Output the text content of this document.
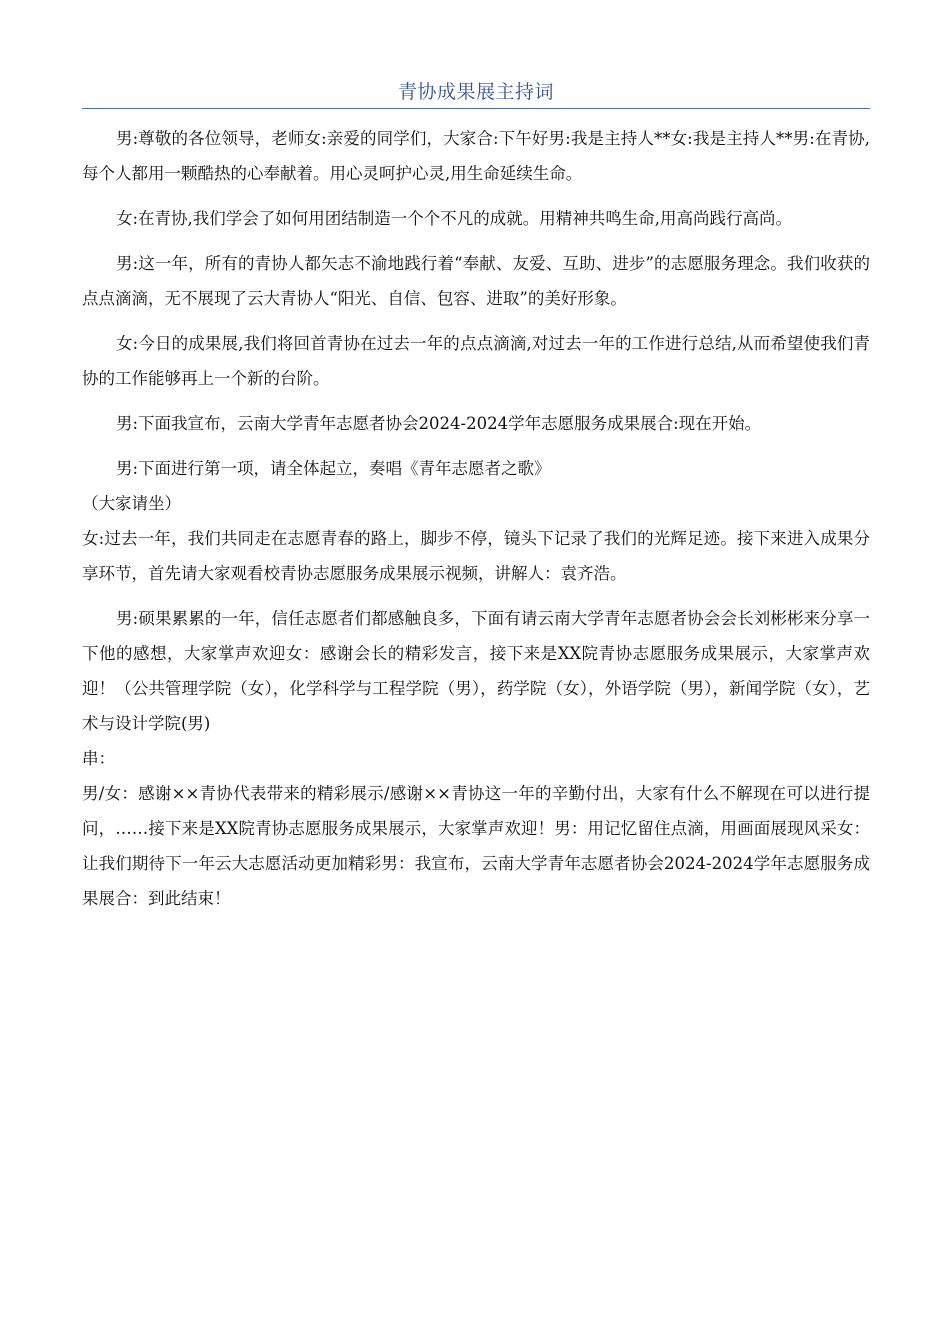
青协成果展主持词

男:尊敬的各位领导，老师女:亲爱的同学们，大家合:下午好男:我是主持人**女:我是主持人**男:在青协,每个人都用一颗酷热的心奉献着。用心灵呵护心灵,用生命延续生命。

女:在青协,我们学会了如何用团结制造一个个不凡的成就。用精神共鸣生命,用高尚践行高尚。

男:这一年，所有的青协人都矢志不渝地践行着“奉献、友爱、互助、进步”的志愿服务理念。我们收获的点点滴滴，无不展现了云大青协人“阳光、自信、包容、进取”的美好形象。

女:今日的成果展,我们将回首青协在过去一年的点点滴滴,对过去一年的工作进行总结,从而希望使我们青协的工作能够再上一个新的台阶。

男:下面我宣布，云南大学青年志愿者协会2024-2024学年志愿服务成果展合:现在开始。

男:下面进行第一项，请全体起立，奏唱《青年志愿者之歌》

（大家请坐）

女:过去一年，我们共同走在志愿青春的路上，脚步不停，镜头下记录了我们的光辉足迹。接下来进入成果分享环节，首先请大家观看校青协志愿服务成果展示视频，讲解人：袁齐浩。

男:硕果累累的一年，信任志愿者们都感触良多，下面有请云南大学青年志愿者协会会长刘彬彬来分享一下他的感想，大家掌声欢迎女：感谢会长的精彩发言，接下来是XX院青协志愿服务成果展示，大家掌声欢迎！（公共管理学院（女），化学科学与工程学院（男），药学院（女），外语学院（男），新闻学院（女），艺术与设计学院(男)

串：

男/女：感谢××青协代表带来的精彩展示/感谢××青协这一年的辛勤付出，大家有什么不解现在可以进行提问，……接下来是XX院青协志愿服务成果展示，大家掌声欢迎！男：用记忆留住点滴，用画面展现风采女：让我们期待下一年云大志愿活动更加精彩男：我宣布，云南大学青年志愿者协会2024-2024学年志愿服务成果展合：到此结束！
